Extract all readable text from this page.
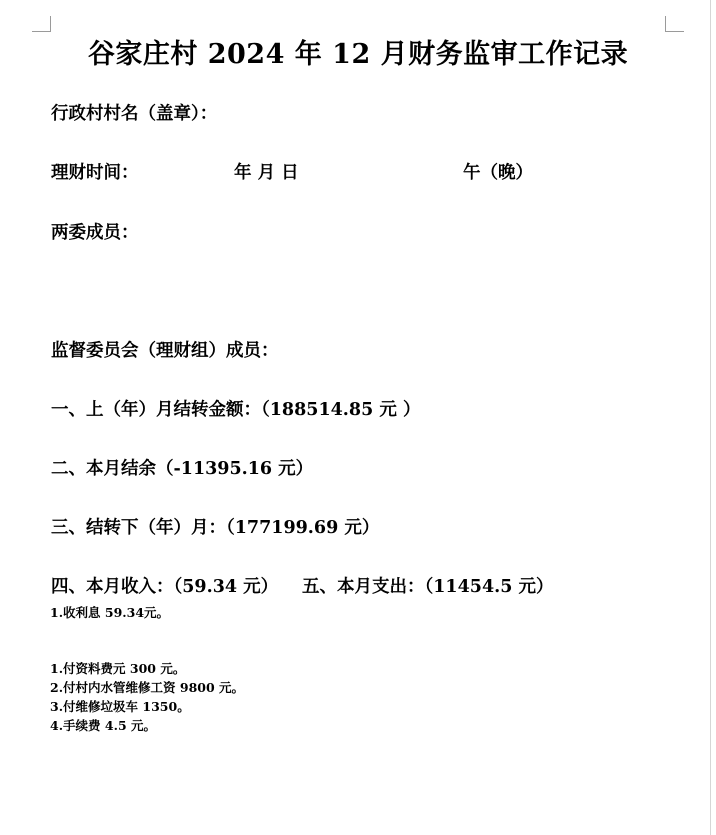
谷家庄村 2024 年 12 月财务监审工作记录
行政村村名（盖章）：
理财时间：	年 月 日	午（晚）
两委成员：
监督委员会（理财组）成员：
一、上（年）月结转金额：（188514.85 元 ）
二、本月结余（-11395.16 元）
三、结转下（年）月：（177199.69 元）
四、本月收入：（59.34 元） 五、本月支出：（11454.5 元）
1.收利息 59.34元。
1.付资料费元 300 元。
2.付村内水管维修工资 9800 元。
3.付维修垃圾车 1350。
4.手续费 4.5 元。
